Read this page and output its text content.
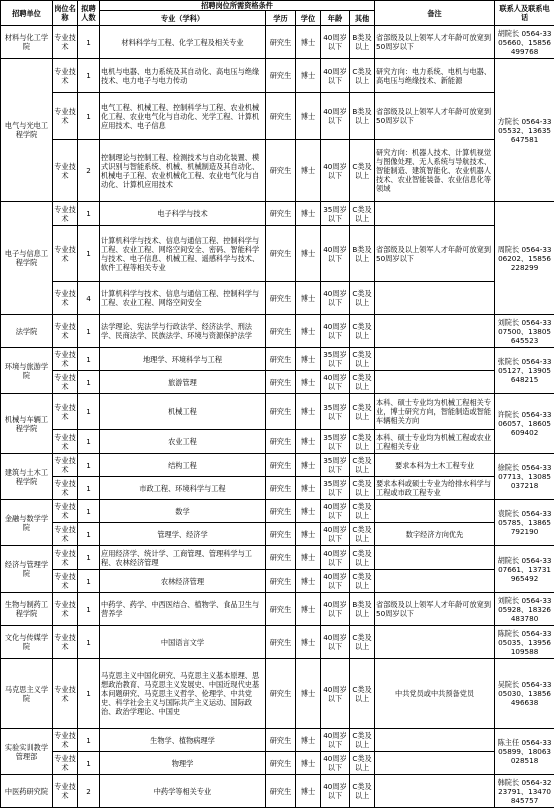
招聘单位	岗位名称	拟聘人数	招聘岗位所需资格条件					备注	联系人及联系电话
			专业（学科）	学历	学位	年龄	其他		
材料与化工学院	专业技术	1	材料科学与工程、化学工程及相关专业	研究生	博士	40周岁以下	B类及以上	省部级及以上领军人才年龄可放宽到50周岁以下	胡院长 0564-3305660、15856499768
电气与光电工程学院	专业技术	1	电机与电器、电力系统及其自动化、高电压与绝缘技术、电力电子与电力传动	研究生	博士	40周岁以下	C类及以上	研究方向：电力系统、电机与电器、高电压与绝缘技术、新能源	方院长 0564-3305532、13635647581
	专业技术	1	电气工程、机械工程、控制科学与工程、农业机械化工程、农业电气化与自动化、光学工程、计算机应用技术、电子信息	研究生	博士	40周岁以下	B类及以上	省部级及以上领军人才年龄可放宽到50周岁以下	
	专业技术	2	控制理论与控制工程、检测技术与自动化装置、模式识别与智能系统、机械、机械制造及其自动化、机械电子工程、农业机械化工程、农业电气化与自动化、计算机应用技术	研究生	博士	40周岁以下	C类及以上	研究方向：机器人技术、计算机视觉与图像处理、无人系统与导航技术、智能制造、建筑智能化、农业机器人技术、农业智能装备、农业信息化等领域	
电子与信息工程学院	专业技术	1	电子科学与技术	研究生	博士	35周岁以下	C类及以上		周院长 0564-3306202、15856228299
	专业技术	1	计算机科学与技术、信息与通信工程、控制科学与工程、农业工程、网络空间安全、密码、智能科学与技术、电子信息、机械工程、遥感科学与技术、软件工程等相关专业	研究生	博士	40周岁以下	B类及以上	省部级及以上领军人才年龄可放宽到50周岁以下	
	专业技术	4	计算机科学与技术、信息与通信工程、控制科学与工程、农业工程、网络空间安全	研究生	博士	40周岁以下	C类及以上		
法学院	专业技术	1	法学理论、宪法学与行政法学、经济法学、刑法学、民商法学、民族法学、环境与资源保护法学	研究生	博士	40周岁以下	C类及以上		刘院长 0564-3307500、13805645523
环境与旅游学院	专业技术	1	地理学、环境科学与工程	研究生	博士	35周岁以下	C类及以上		张院长 0564-3305127、13905648215
	专业技术	1	旅游管理	研究生	博士	40周岁以下	C类及以上		
机械与车辆工程学院	专业技术	1	机械工程	研究生	博士	35周岁以下	C类及以上	本科、硕士专业均为机械工程相关专业，博士研究方向，智能制造或智能车辆相关方向	许院长 0564-3306057、18605609402
	专业技术	1	农业工程	研究生	博士	35周岁以下	C类及以上	本科、硕士专业均为机械工程或农业工程相关专业	
建筑与土木工程学院	专业技术	1	结构工程	研究生	博士	35周岁以下	C类及以上	要求本科为土木工程专业	徐院长 0564-3307713、13085037218
	专业技术	1	市政工程、环境科学与工程	研究生	博士	35周岁以下	C类及以上	要求本科或硕士专业为给排水科学与工程或市政工程专业	
金融与数学学院	专业技术	1	数学	研究生	博士	40周岁以下	C类及以上		袁院长 0564-3305785、13865792190
	专业技术	1	管理学、经济学	研究生	博士	40周岁以下	C类及以上	数字经济方向优先	
经济与管理学院	专业技术	1	应用经济学、统计学、工商管理、管理科学与工程、农林经济管理	研究生	博士	40周岁以下	C类及以上		胡院长 0564-3307661、13731965492
	专业技术	1	农林经济管理	研究生	博士	40周岁以下	C类及以上		
生物与制药工程学院	专业技术	1	中药学、药学、中西医结合、植物学、食品卫生与营养学	研究生	博士	40周岁以下	B类及以上	省部级及以上领军人才年龄可放宽到50周岁以下	刘院长 0564-3305928、18326483780
文化与传媒学院	专业技术	1	中国语言文学	研究生	博士	40周岁以下	C类及以上		陈院长 0564-3305035、13956109588
马克思主义学院	专业技术	1	马克思主义中国化研究、马克思主义基本原理、思想政治教育、马克思主义发展史、中国近现代史基本问题研究、马克思主义哲学、伦理学、中共党史、科学社会主义与国际共产主义运动、国际政治、政治学理论、中国史	研究生	博士	40周岁以下	C类及以上	中共党员或中共预备党员	吴院长 0564-3305030、13856496638
实验实训教学管理部	专业技术	1	生物学、植物病理学	研究生	博士	40周岁以下	C类及以上		陈主任 0564-3305899、18063028518
	专业技术	1	物理学	研究生	博士	40周岁以下	C类及以上		
中医药研究院	专业技术	2	中药学等相关专业	研究生	博士	40周岁以下	C类及以上		韩院长 0564-3223791、13470845757
